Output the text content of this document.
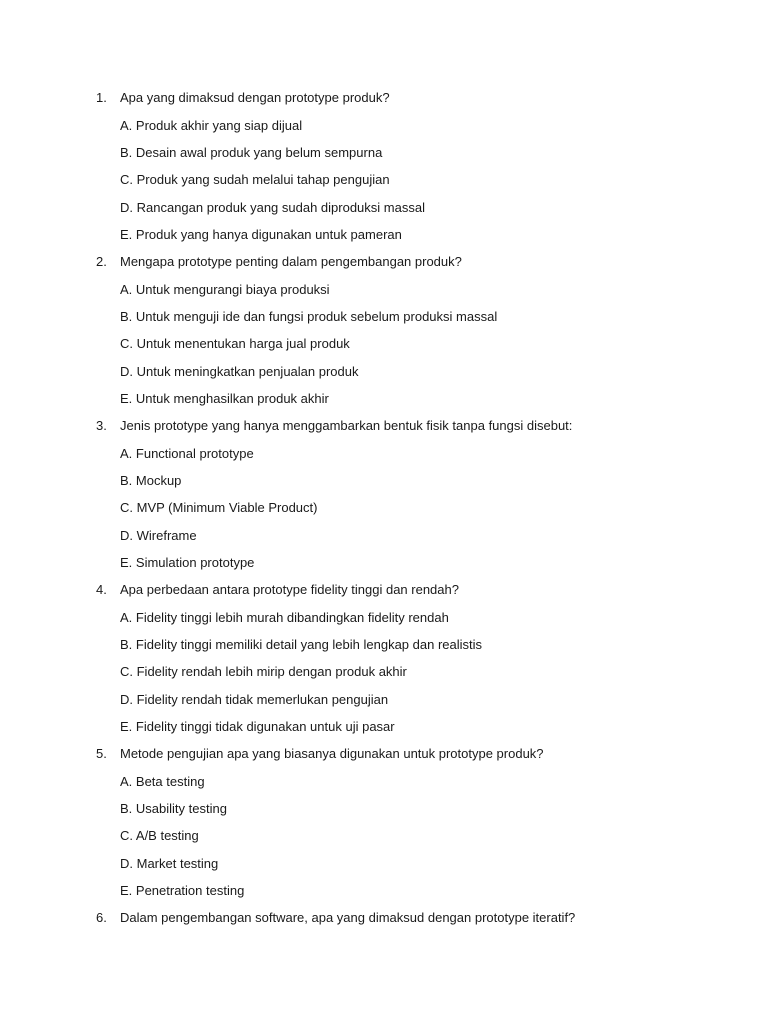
1.	Apa yang dimaksud dengan prototype produk?
A. Produk akhir yang siap dijual
B. Desain awal produk yang belum sempurna
C. Produk yang sudah melalui tahap pengujian
D. Rancangan produk yang sudah diproduksi massal
E. Produk yang hanya digunakan untuk pameran
2.	Mengapa prototype penting dalam pengembangan produk?
A. Untuk mengurangi biaya produksi
B. Untuk menguji ide dan fungsi produk sebelum produksi massal
C. Untuk menentukan harga jual produk
D. Untuk meningkatkan penjualan produk
E. Untuk menghasilkan produk akhir
3.	Jenis prototype yang hanya menggambarkan bentuk fisik tanpa fungsi disebut:
A. Functional prototype
B. Mockup
C. MVP (Minimum Viable Product)
D. Wireframe
E. Simulation prototype
4.	Apa perbedaan antara prototype fidelity tinggi dan rendah?
A. Fidelity tinggi lebih murah dibandingkan fidelity rendah
B. Fidelity tinggi memiliki detail yang lebih lengkap dan realistis
C. Fidelity rendah lebih mirip dengan produk akhir
D. Fidelity rendah tidak memerlukan pengujian
E. Fidelity tinggi tidak digunakan untuk uji pasar
5.	Metode pengujian apa yang biasanya digunakan untuk prototype produk?
A. Beta testing
B. Usability testing
C. A/B testing
D. Market testing
E. Penetration testing
6.	Dalam pengembangan software, apa yang dimaksud dengan prototype iteratif?
